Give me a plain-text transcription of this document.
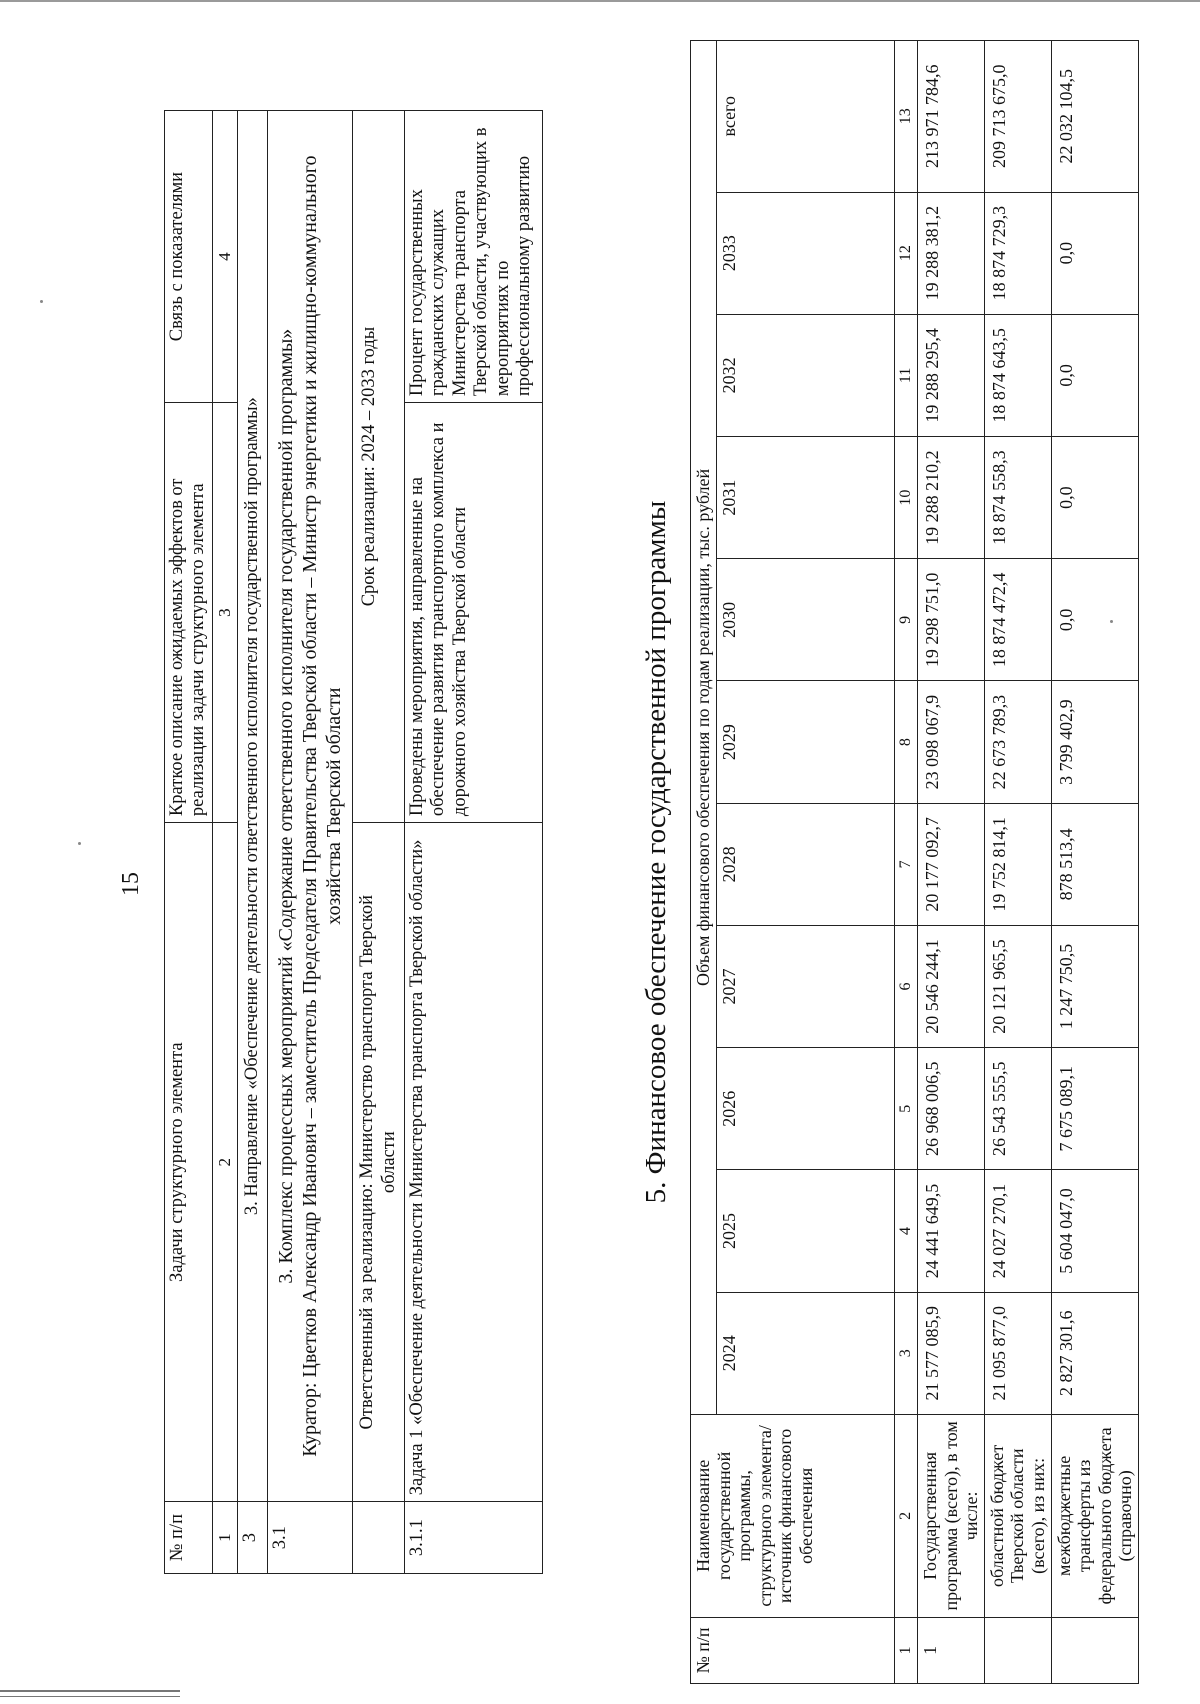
15
№ п/п	Задачи структурного элемента	Краткое описание ожидаемых эффектов от реализации задачи структурного элемента	Связь с показателями
1	2	3	4
3	3. Направление «Обеспечение деятельности ответственного исполнителя государственной программы»		
3.1	3. Комплекс процессных мероприятий «Содержание ответственного исполнителя государственной программы» Куратор: Цветков Александр Иванович – заместитель Председателя Правительства Тверской области – Министр энергетики и жилищно-коммунального хозяйства Тверской области		

	Ответственный за реализацию: Министерство транспорта Тверской области	Срок реализации: 2024 – 2033 годы	
3.1.1	Задача 1 «Обеспечение деятельности Министерства транспорта Тверской области»	Проведены мероприятия, направленные на обеспечение развития транспортного комплекса и дорожного хозяйства Тверской области	Процент государственных гражданских служащих Министерства транспорта Тверской области, участвующих в мероприятиях по профессиональному развитию
5. Финансовое обеспечение государственной программы
№ п/п	Наименование государственной программы, структурного элемента/источник финансового обеспечения	Объем финансового обеспечения по годам реализации, тыс. рублей										
		2024	2025	2026	2027	2028	2029	2030	2031	2032	2033	всего
1	2	3	4	5	6	7	8	9	10	11	12	13
1	Государственная программа (всего), в том числе:	21 577 085,9	24 441 649,5	26 968 006,5	20 546 244,1	20 177 092,7	23 098 067,9	19 298 751,0	19 288 210,2	19 288 295,4	19 288 381,2	213 971 784,6
	областной бюджет Тверской области (всего), из них:	21 095 877,0	24 027 270,1	26 543 555,5	20 121 965,5	19 752 814,1	22 673 789,3	18 874 472,4	18 874 558,3	18 874 643,5	18 874 729,3	209 713 675,0
	межбюджетные трансферты из федерального бюджета (справочно)	2 827 301,6	5 604 047,0	7 675 089,1	1 247 750,5	878 513,4	3 799 402,9	0,0	0,0	0,0	0,0	22 032 104,5
